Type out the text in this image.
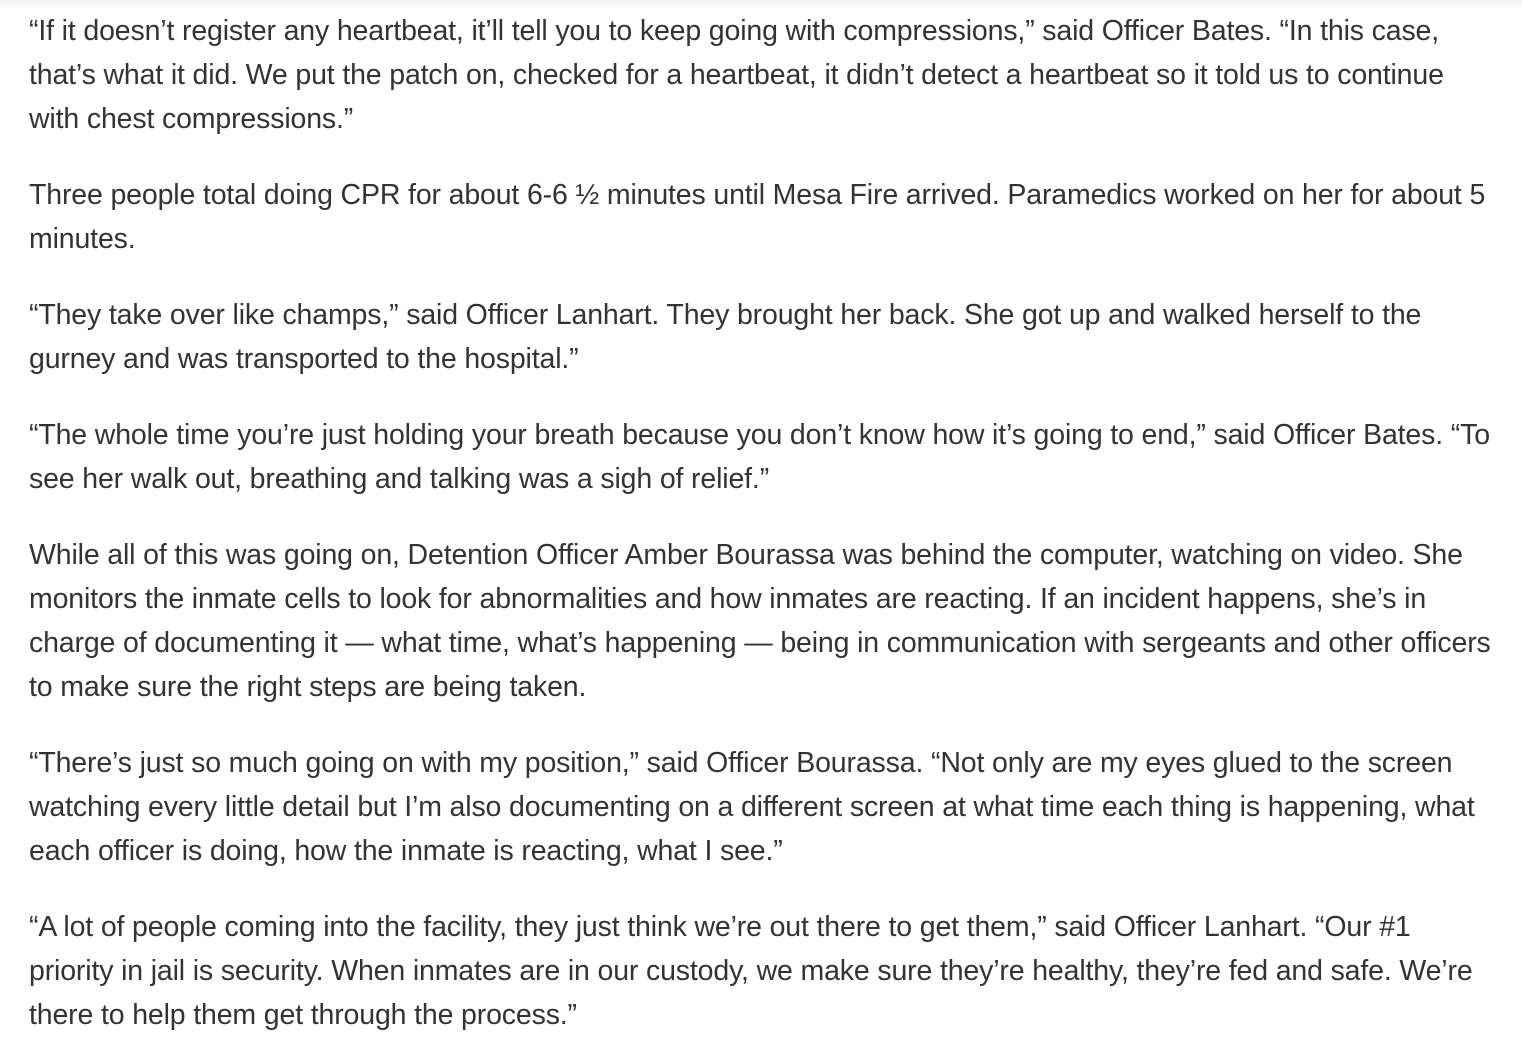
“If it doesn’t register any heartbeat, it’ll tell you to keep going with compressions,” said Officer Bates. “In this case, that’s what it did. We put the patch on, checked for a heartbeat, it didn’t detect a heartbeat so it told us to continue with chest compressions.”

Three people total doing CPR for about 6-6 ½ minutes until Mesa Fire arrived. Paramedics worked on her for about 5 minutes.

“They take over like champs,” said Officer Lanhart. They brought her back. She got up and walked herself to the gurney and was transported to the hospital.”

“The whole time you’re just holding your breath because you don’t know how it’s going to end,” said Officer Bates. “To see her walk out, breathing and talking was a sigh of relief.”

While all of this was going on, Detention Officer Amber Bourassa was behind the computer, watching on video. She monitors the inmate cells to look for abnormalities and how inmates are reacting. If an incident happens, she’s in charge of documenting it — what time, what’s happening — being in communication with sergeants and other officers to make sure the right steps are being taken.

“There’s just so much going on with my position,” said Officer Bourassa. “Not only are my eyes glued to the screen watching every little detail but I’m also documenting on a different screen at what time each thing is happening, what each officer is doing, how the inmate is reacting, what I see.”

“A lot of people coming into the facility, they just think we’re out there to get them,” said Officer Lanhart. “Our #1 priority in jail is security. When inmates are in our custody, we make sure they’re healthy, they’re fed and safe. We’re there to help them get through the process.”
